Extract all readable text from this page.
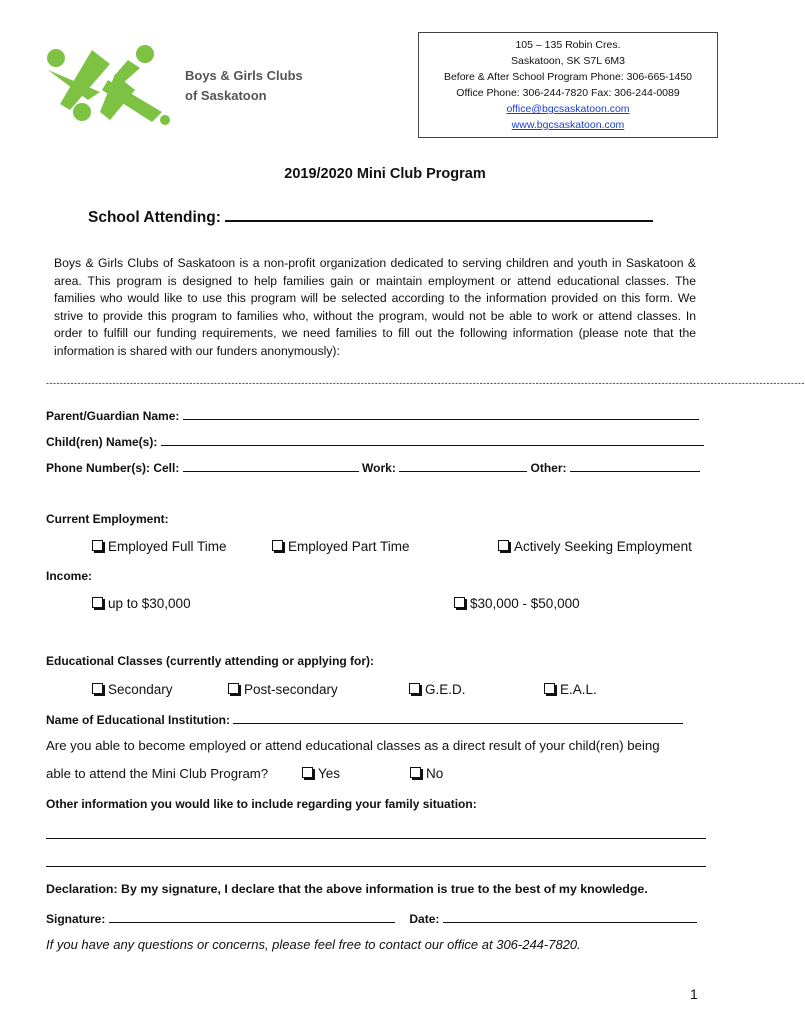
Boys & Girls Clubs
of Saskatoon
105 – 135 Robin Cres.
Saskatoon, SK S7L 6M3
Before & After School Program Phone: 306-665-1450
Office Phone: 306-244-7820 Fax: 306-244-0089
office@bgcsaskatoon.com
www.bgcsaskatoon.com
2019/2020 Mini Club Program
School Attending:
Boys & Girls Clubs of Saskatoon is a non-profit organization dedicated to serving children and youth in Saskatoon & area. This program is designed to help families gain or maintain employment or attend educational classes. The families who would like to use this program will be selected according to the information provided on this form. We strive to provide this program to families who, without the program, would not be able to work or attend classes. In order to fulfill our funding requirements, we need families to fill out the following information (please note that the information is shared with our funders anonymously):
-------------------------------------------------------------------------------------------------------------------------------------------------------------------------------------------------------------------------
Parent/Guardian Name:
Child(ren) Name(s):
Phone Number(s): Cell:	Work:	Other:
Current Employment:
Employed Full Time	Employed Part Time	Actively Seeking Employment
Income:
up to $30,000	$30,000 - $50,000
Educational Classes (currently attending or applying for):
Secondary	Post-secondary	G.E.D.	E.A.L.
Name of Educational Institution:
Are you able to become employed or attend educational classes as a direct result of your child(ren) being
able to attend the Mini Club Program?	Yes	No
Other information you would like to include regarding your family situation:
Declaration: By my signature, I declare that the above information is true to the best of my knowledge.
Signature:	Date:
If you have any questions or concerns, please feel free to contact our office at 306-244-7820.
1
